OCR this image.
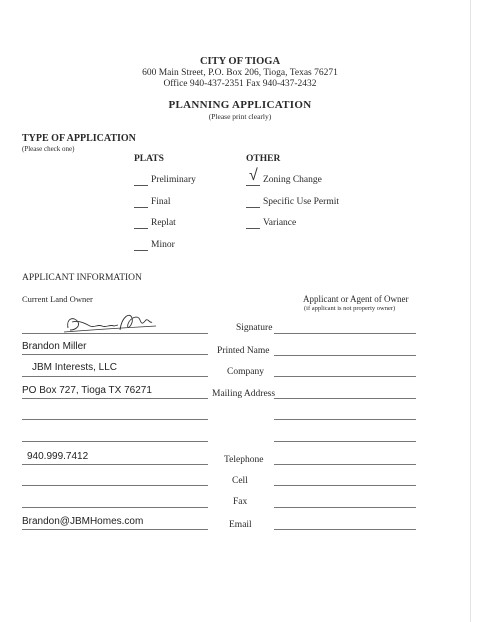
CITY OF TIOGA
600 Main Street, P.O. Box 206, Tioga, Texas 76271
Office 940-437-2351 Fax 940-437-2432
PLANNING APPLICATION
(Please print clearly)
TYPE OF APPLICATION
(Please check one)
PLATS	OTHER
Preliminary
Final
Replat
Minor
√ Zoning Change
Specific Use Permit
Variance
APPLICANT INFORMATION
Current Land Owner	Applicant or Agent of Owner
(if applicant is not property owner)
Signature
Brandon Miller	Printed Name
JBM Interests, LLC	Company
PO Box 727, Tioga TX 76271	Mailing Address
940.999.7412	Telephone
Cell
Fax
Brandon@JBMHomes.com	Email
